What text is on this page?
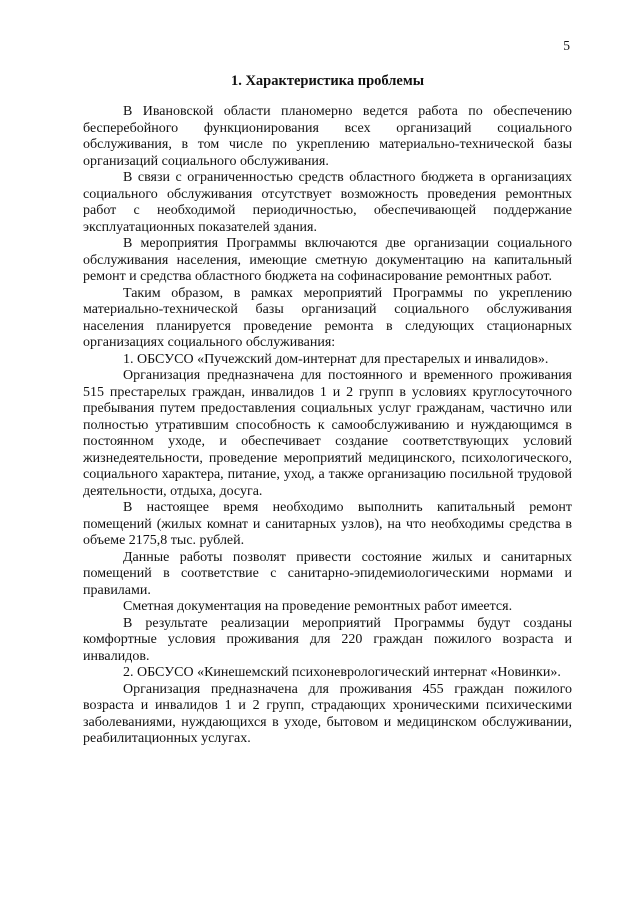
5
1. Характеристика проблемы

В Ивановской области планомерно ведется работа по обеспечению бесперебойного функционирования всех организаций социального обслуживания, в том числе по укреплению материально-технической базы организаций социального обслуживания.

В связи с ограниченностью средств областного бюджета в организациях социального обслуживания отсутствует возможность проведения ремонтных работ с необходимой периодичностью, обеспечивающей поддержание эксплуатационных показателей здания.

В мероприятия Программы включаются две организации социального обслуживания населения, имеющие сметную документацию на капитальный ремонт и средства областного бюджета на софинасирование ремонтных работ.

Таким образом, в рамках мероприятий Программы по укреплению материально-технической базы организаций социального обслуживания населения планируется проведение ремонта в следующих стационарных организациях социального обслуживания:

1. ОБСУСО «Пучежский дом-интернат для престарелых и инвалидов».

Организация предназначена для постоянного и временного проживания 515 престарелых граждан, инвалидов 1 и 2 групп в условиях круглосуточного пребывания путем предоставления социальных услуг гражданам, частично или полностью утратившим способность к самообслуживанию и нуждающимся в постоянном уходе, и обеспечивает создание соответствующих условий жизнедеятельности, проведение мероприятий медицинского, психологического, социального характера, питание, уход, а также организацию посильной трудовой деятельности, отдыха, досуга.

В настоящее время необходимо выполнить капитальный ремонт помещений (жилых комнат и санитарных узлов), на что необходимы средства в объеме 2175,8 тыс. рублей.

Данные работы позволят привести состояние жилых и санитарных помещений в соответствие с санитарно-эпидемиологическими нормами и правилами.

Сметная документация на проведение ремонтных работ имеется.

В результате реализации мероприятий Программы будут созданы комфортные условия проживания для 220 граждан пожилого возраста и инвалидов.

2. ОБСУСО «Кинешемский психоневрологический интернат «Новинки».

Организация предназначена для проживания 455 граждан пожилого возраста и инвалидов 1 и 2 групп, страдающих хроническими психическими заболеваниями, нуждающихся в уходе, бытовом и медицинском обслуживании, реабилитационных услугах.
